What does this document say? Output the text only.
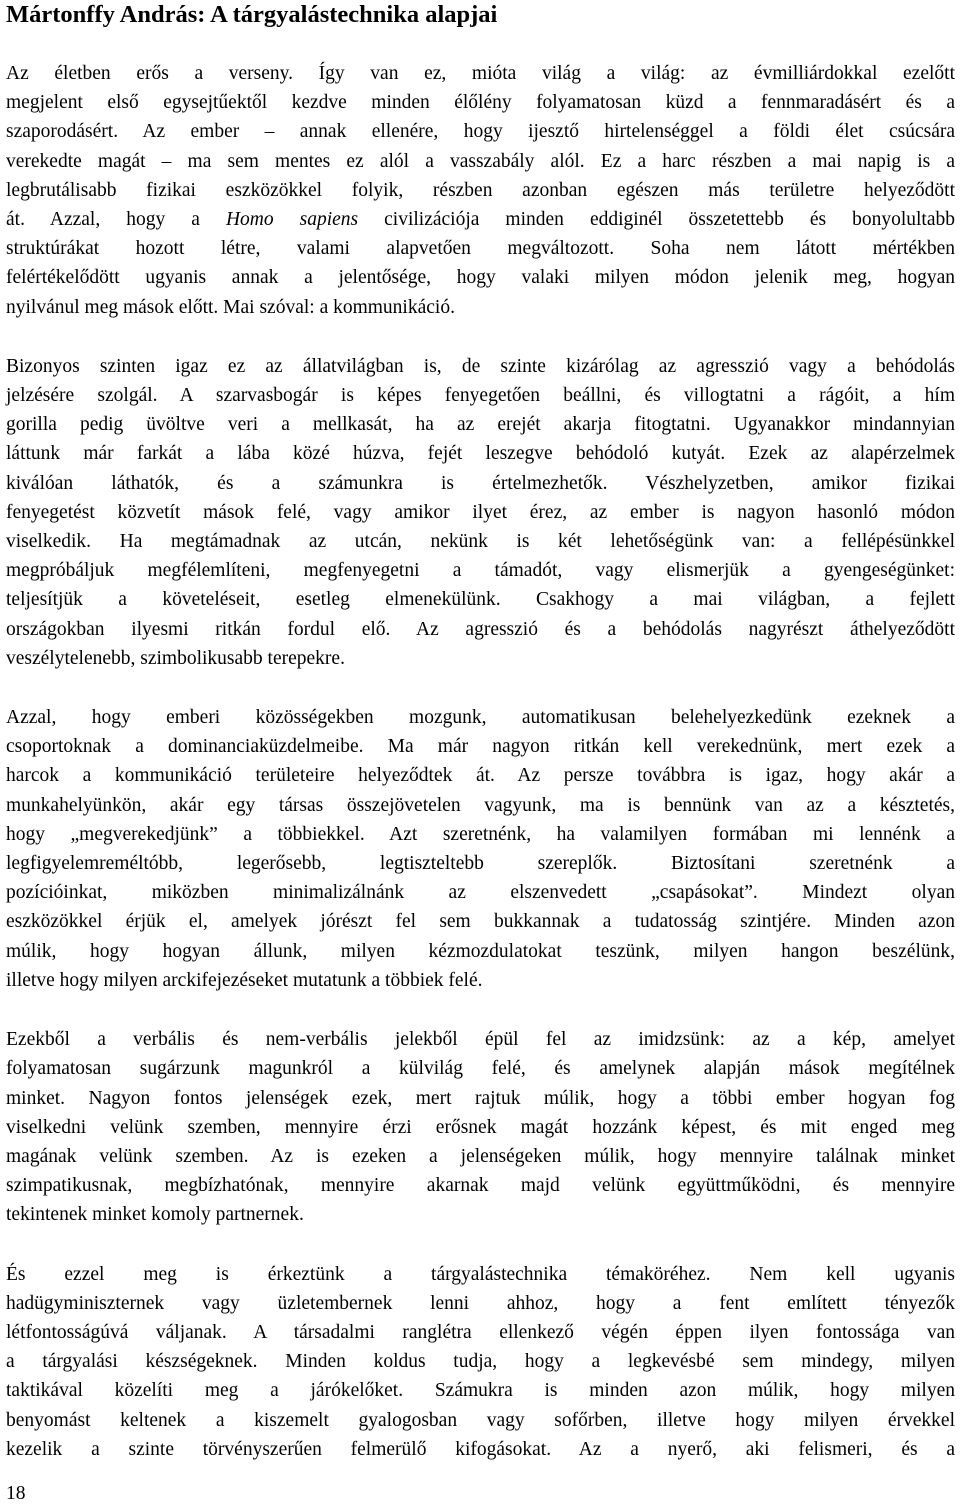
Mártonffy András: A tárgyalástechnika alapjai

Az életben erős a verseny. Így van ez, mióta világ a világ: az évmilliárdokkal ezelőtt
megjelent első egysejtűektől kezdve minden élőlény folyamatosan küzd a fennmaradásért és a
szaporodásért. Az ember – annak ellenére, hogy ijesztő hirtelenséggel a földi élet csúcsára
verekedte magát – ma sem mentes ez alól a vasszabály alól. Ez a harc részben a mai napig is a
legbrutálisabb fizikai eszközökkel folyik, részben azonban egészen más területre helyeződött
át. Azzal, hogy a Homo sapiens civilizációja minden eddiginél összetettebb és bonyolultabb
struktúrákat hozott létre, valami alapvetően megváltozott. Soha nem látott mértékben
felértékelődött ugyanis annak a jelentősége, hogy valaki milyen módon jelenik meg, hogyan
nyilvánul meg mások előtt. Mai szóval: a kommunikáció.

Bizonyos szinten igaz ez az állatvilágban is, de szinte kizárólag az agresszió vagy a behódolás
jelzésére szolgál. A szarvasbogár is képes fenyegetően beállni, és villogtatni a rágóit, a hím
gorilla pedig üvöltve veri a mellkasát, ha az erejét akarja fitogtatni. Ugyanakkor mindannyian
láttunk már farkát a lába közé húzva, fejét leszegve behódoló kutyát. Ezek az alapérzelmek
kiválóan láthatók, és a számunkra is értelmezhetők. Vészhelyzetben, amikor fizikai
fenyegetést közvetít mások felé, vagy amikor ilyet érez, az ember is nagyon hasonló módon
viselkedik. Ha megtámadnak az utcán, nekünk is két lehetőségünk van: a fellépésünkkel
megpróbáljuk megfélemlíteni, megfenyegetni a támadót, vagy elismerjük a gyengeségünket:
teljesítjük a követeléseit, esetleg elmenekülünk. Csakhogy a mai világban, a fejlett
országokban ilyesmi ritkán fordul elő. Az agresszió és a behódolás nagyrészt áthelyeződött
veszélytelenebb, szimbolikusabb terepekre.

Azzal, hogy emberi közösségekben mozgunk, automatikusan belehelyezkedünk ezeknek a
csoportoknak a dominanciaküzdelmeibe. Ma már nagyon ritkán kell verekednünk, mert ezek a
harcok a kommunikáció területeire helyeződtek át. Az persze továbbra is igaz, hogy akár a
munkahelyünkön, akár egy társas összejövetelen vagyunk, ma is bennünk van az a késztetés,
hogy „megverekedjünk” a többiekkel. Azt szeretnénk, ha valamilyen formában mi lennénk a
legfigyelemreméltóbb, legerősebb, legtiszteltebb szereplők. Biztosítani szeretnénk a
pozícióinkat, miközben minimalizálnánk az elszenvedett „csapásokat”. Mindezt olyan
eszközökkel érjük el, amelyek jórészt fel sem bukkannak a tudatosság szintjére. Minden azon
múlik, hogy hogyan állunk, milyen kézmozdulatokat teszünk, milyen hangon beszélünk,
illetve hogy milyen arckifejezéseket mutatunk a többiek felé.

Ezekből a verbális és nem-verbális jelekből épül fel az imidzsünk: az a kép, amelyet
folyamatosan sugárzunk magunkról a külvilág felé, és amelynek alapján mások megítélnek
minket. Nagyon fontos jelenségek ezek, mert rajtuk múlik, hogy a többi ember hogyan fog
viselkedni velünk szemben, mennyire érzi erősnek magát hozzánk képest, és mit enged meg
magának velünk szemben. Az is ezeken a jelenségeken múlik, hogy mennyire találnak minket
szimpatikusnak, megbízhatónak, mennyire akarnak majd velünk együttműködni, és mennyire
tekintenek minket komoly partnernek.

És ezzel meg is érkeztünk a tárgyalástechnika témaköréhez. Nem kell ugyanis
hadügyminiszternek vagy üzletembernek lenni ahhoz, hogy a fent említett tényezők
létfontosságúvá váljanak. A társadalmi ranglétra ellenkező végén éppen ilyen fontossága van
a tárgyalási készségeknek. Minden koldus tudja, hogy a legkevésbé sem mindegy, milyen
taktikával közelíti meg a járókelőket. Számukra is minden azon múlik, hogy milyen
benyomást keltenek a kiszemelt gyalogosban vagy sofőrben, illetve hogy milyen érvekkel
kezelik a szinte törvényszerűen felmerülő kifogásokat. Az a nyerő, aki felismeri, és a

18
